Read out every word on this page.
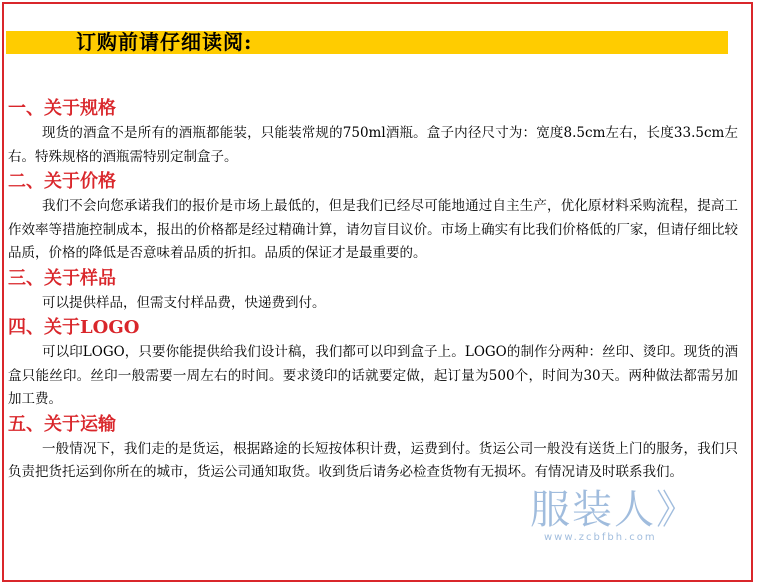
订购前请仔细读阅:
一、关于规格

现货的酒盒不是所有的酒瓶都能装，只能装常规的750ml酒瓶。盒子内径尺寸为：宽度8.5cm左右，长度33.5cm左右。特殊规格的酒瓶需特别定制盒子。

二、关于价格

我们不会向您承诺我们的报价是市场上最低的，但是我们已经尽可能地通过自主生产，优化原材料采购流程，提高工作效率等措施控制成本，报出的价格都是经过精确计算，请勿盲目议价。市场上确实有比我们价格低的厂家，但请仔细比较品质，价格的降低是否意味着品质的折扣。品质的保证才是最重要的。

三、关于样品

可以提供样品，但需支付样品费，快递费到付。

四、关于LOGO

可以印LOGO，只要你能提供给我们设计稿，我们都可以印到盒子上。LOGO的制作分两种：丝印、烫印。现货的酒盒只能丝印。丝印一般需要一周左右的时间。要求烫印的话就要定做，起订量为500个，时间为30天。两种做法都需另加加工费。

五、关于运输

一般情况下，我们走的是货运，根据路途的长短按体积计费，运费到付。货运公司一般没有送货上门的服务，我们只负责把货托运到你所在的城市，货运公司通知取货。收到货后请务必检查货物有无损坏。有情况请及时联系我们。

服装人》
www.zcbfbh.com
